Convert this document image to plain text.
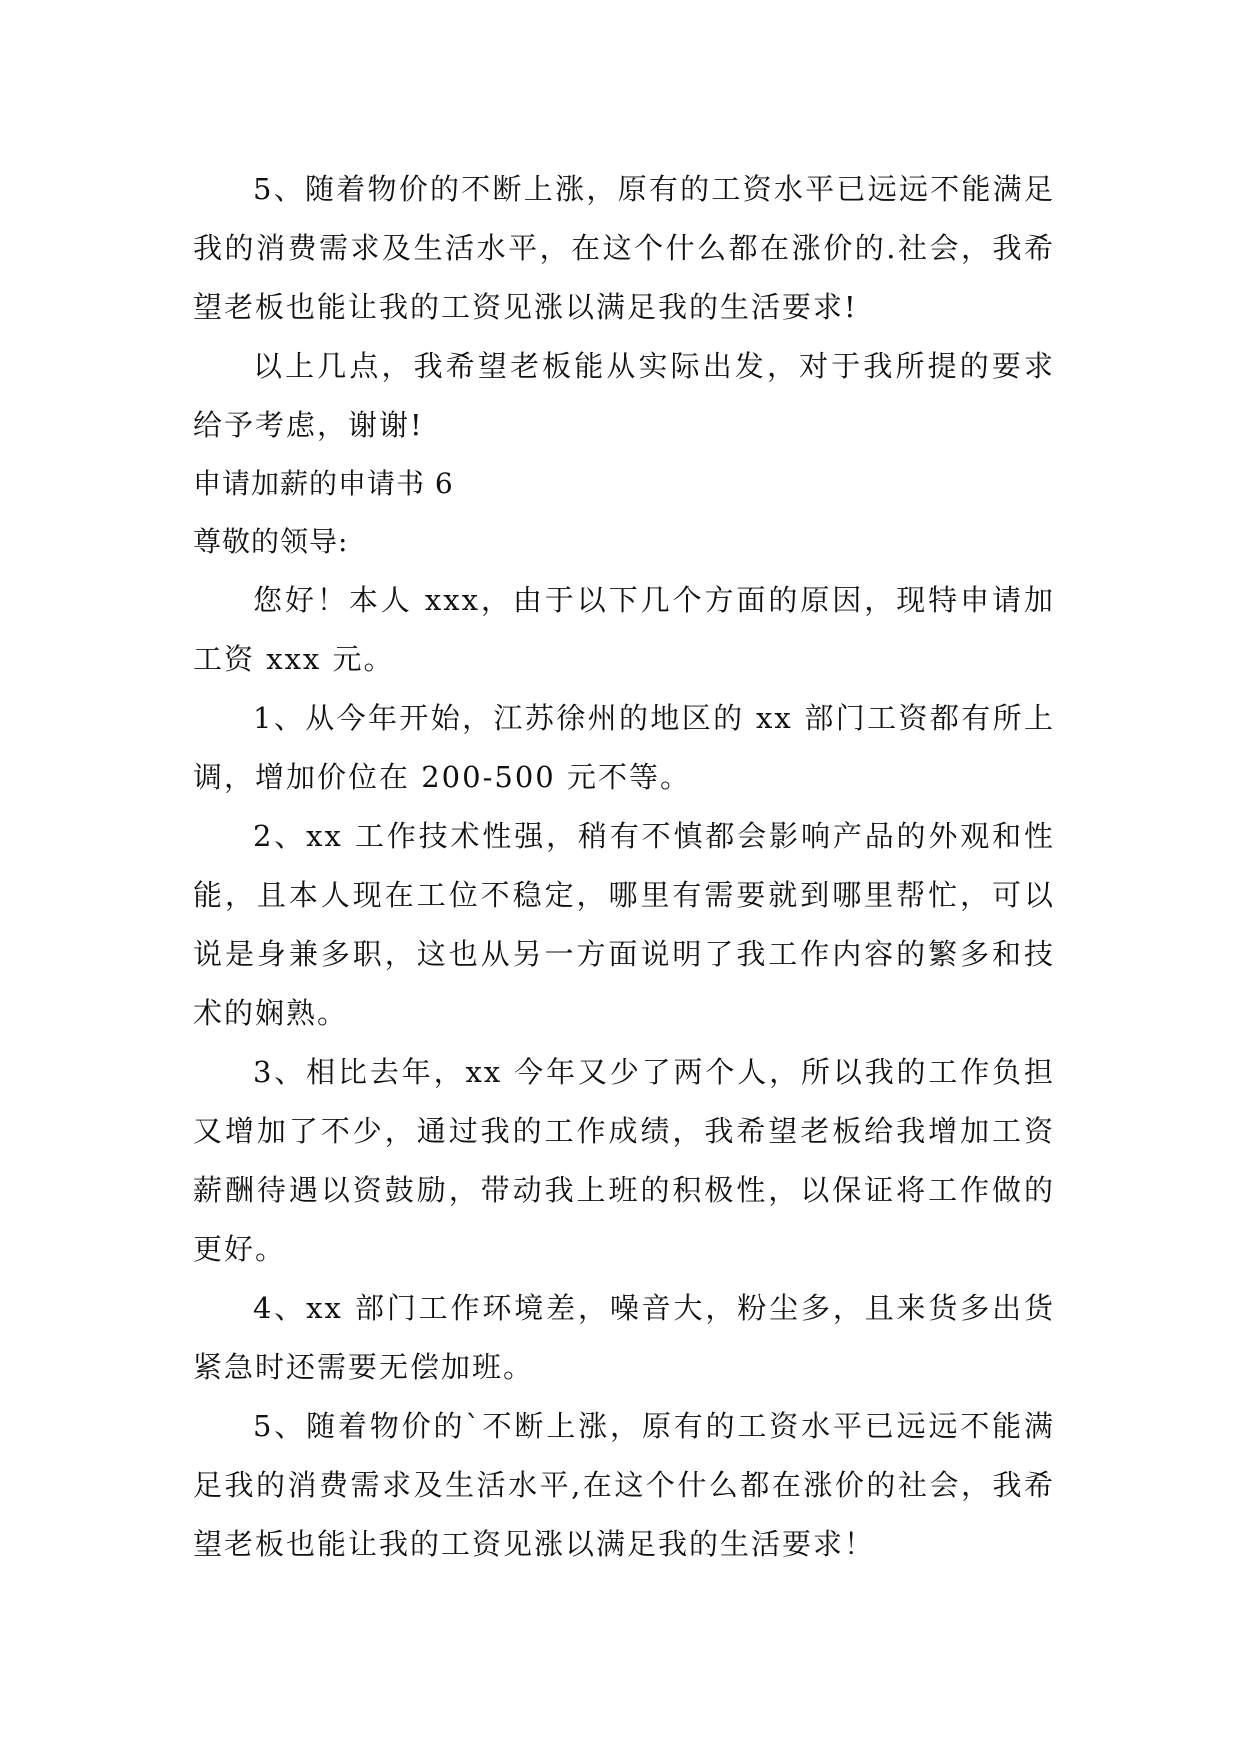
5、随着物价的不断上涨，原有的工资水平已远远不能满足我的消费需求及生活水平，在这个什么都在涨价的.社会，我希望老板也能让我的工资见涨以满足我的生活要求!

以上几点，我希望老板能从实际出发，对于我所提的要求给予考虑，谢谢!

申请加薪的申请书 6

尊敬的领导:

您好！本人 xxx，由于以下几个方面的原因，现特申请加工资 xxx 元。

1、从今年开始，江苏徐州的地区的 xx 部门工资都有所上调，增加价位在 200-500 元不等。

2、xx 工作技术性强，稍有不慎都会影响产品的外观和性能，且本人现在工位不稳定，哪里有需要就到哪里帮忙，可以说是身兼多职，这也从另一方面说明了我工作内容的繁多和技术的娴熟。

3、相比去年，xx 今年又少了两个人，所以我的工作负担又增加了不少，通过我的工作成绩，我希望老板给我增加工资薪酬待遇以资鼓励，带动我上班的积极性，以保证将工作做的更好。

4、xx 部门工作环境差，噪音大，粉尘多，且来货多出货紧急时还需要无偿加班。

5、随着物价的`不断上涨，原有的工资水平已远远不能满足我的消费需求及生活水平,在这个什么都在涨价的社会，我希望老板也能让我的工资见涨以满足我的生活要求！
